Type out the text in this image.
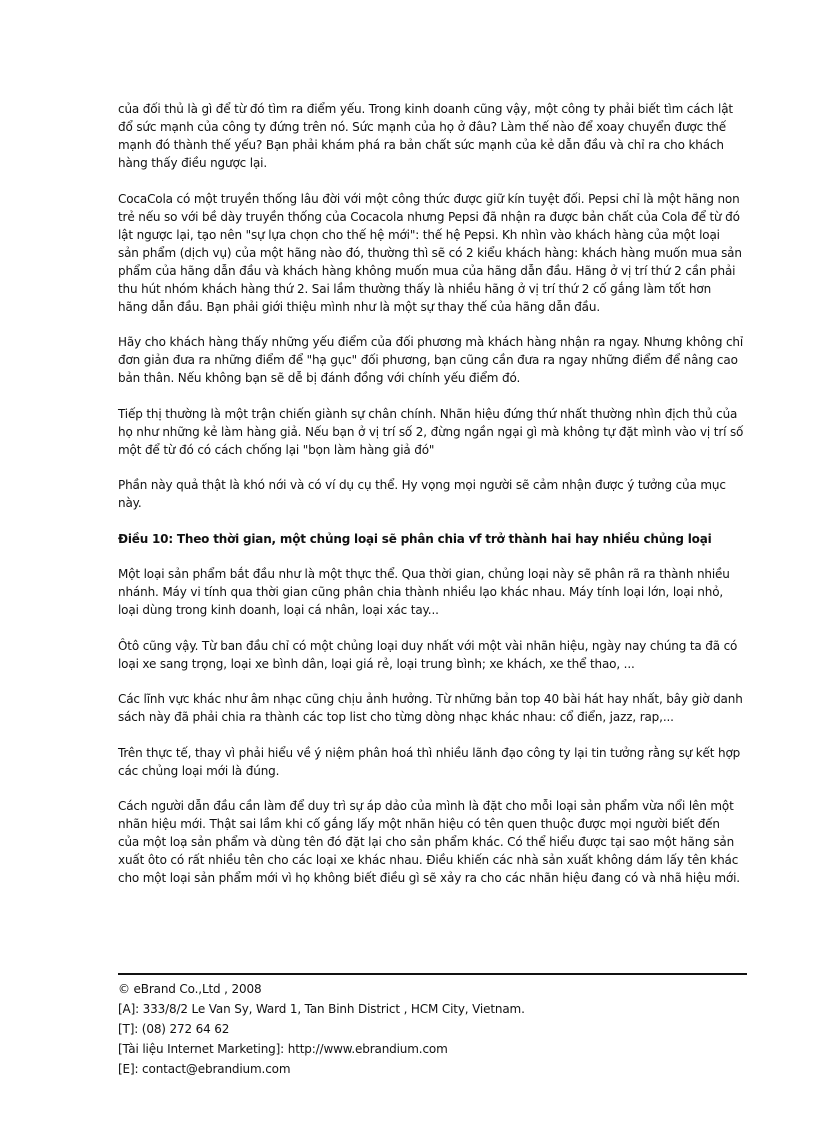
của đối thủ là gì để từ đó tìm ra điểm yếu. Trong kinh doanh cũng vậy, một công ty phải biết tìm cách lật đổ sức mạnh của công ty đứng trên nó. Sức mạnh của họ ở đâu? Làm thế nào để xoay chuyển được thế mạnh đó thành thế yếu? Bạn phải khám phá ra bản chất sức mạnh của kẻ dẫn đầu và chỉ ra cho khách hàng thấy điều ngược lại.

CocaCola có một truyền thống lâu đời với một công thức được giữ kín tuyệt đối. Pepsi chỉ là một hãng non trẻ nếu so với bề dày truyền thống của Cocacola nhưng Pepsi đã nhận ra được bản chất của Cola để từ đó lật ngược lại, tạo nên "sự lựa chọn cho thế hệ mới": thế hệ Pepsi. Kh nhìn vào khách hàng của một loại sản phẩm (dịch vụ) của một hãng nào đó, thường thì sẽ có 2 kiểu khách hàng: khách hàng muốn mua sản phẩm của hãng dẫn đầu và khách hàng không muốn mua của hãng dẫn đầu. Hãng ở vị trí thứ 2 cần phải thu hút nhóm khách hàng thứ 2. Sai lầm thường thấy là nhiều hãng ở vị trí thứ 2 cố gắng làm tốt hơn hãng dẫn đầu. Bạn phải giới thiệu mình như là một sự thay thế của hãng dẫn đầu.

Hãy cho khách hàng thấy những yếu điểm của đối phương mà khách hàng nhận ra ngay. Nhưng không chỉ đơn giản đưa ra những điểm để "hạ gục" đối phương, bạn cũng cần đưa ra ngay những điểm để nâng cao bản thân. Nếu không bạn sẽ dễ bị đánh đồng với chính yếu điểm đó.

Tiếp thị thường là một trận chiến giành sự chân chính. Nhãn hiệu đứng thứ nhất thường nhìn địch thủ của họ như những kẻ làm hàng giả. Nếu bạn ở vị trí số 2, đừng ngần ngại gì mà không tự đặt mình vào vị trí số một để từ đó có cách chống lại "bọn làm hàng giả đó"

Phần này quả thật là khó nới và có ví dụ cụ thể. Hy vọng mọi người sẽ cảm nhận được ý tưởng của mục này.

Điều 10: Theo thời gian, một chủng loại sẽ phân chia vf trở thành hai hay nhiều chủng loại

Một loại sản phẩm bắt đầu như là một thực thể. Qua thời gian, chủng loại này sẽ phân rã ra thành nhiều nhánh. Máy vi tính qua thời gian cũng phân chia thành nhiều lạo khác nhau. Máy tính loại lớn, loại nhỏ, loại dùng trong kinh doanh, loại cá nhân, loại xác tay...

Ôtô cũng vậy. Từ ban đầu chỉ có một chủng loại duy nhất với một vài nhãn hiệu, ngày nay chúng ta đã có loại xe sang trọng, loại xe bình dân, loại giá rẻ, loại trung bình; xe khách, xe thể thao, ...

Các lĩnh vực khác như âm nhạc cũng chịu ảnh hưởng. Từ những bản top 40 bài hát hay nhất, bây giờ danh sách này đã phải chia ra thành các top list cho từng dòng nhạc khác nhau: cổ điển, jazz, rap,...

Trên thực tế, thay vì phải hiểu về ý niệm phân hoá thì nhiều lãnh đạo công ty lại tin tưởng rằng sự kết hợp các chủng loại mới là đúng.

Cách người dẫn đầu cần làm để duy trì sự áp dảo của mình là đặt cho mỗi loại sản phẩm vừa nổi lên một nhãn hiệu mới. Thật sai lầm khi cố gắng lấy một nhãn hiệu có tên quen thuộc được mọi người biết đến của một loạ sản phẩm và dùng tên đó đặt lại cho sản phẩm khác. Có thể hiểu được tại sao một hãng sản xuất ôto có rất nhiều tên cho các loại xe khác nhau. Điều khiến các nhà sản xuất không dám lấy tên khác cho một loại sản phẩm mới vì họ không biết điều gì sẽ xảy ra cho các nhãn hiệu đang có và nhã hiệu mới.

© eBrand Co.,Ltd , 2008
[A]: 333/8/2 Le Van Sy, Ward 1, Tan Binh District , HCM City, Vietnam.
[T]: (08) 272 64 62
[Tài liệu Internet Marketing]: http://www.ebrandium.com
[E]: contact@ebrandium.com
